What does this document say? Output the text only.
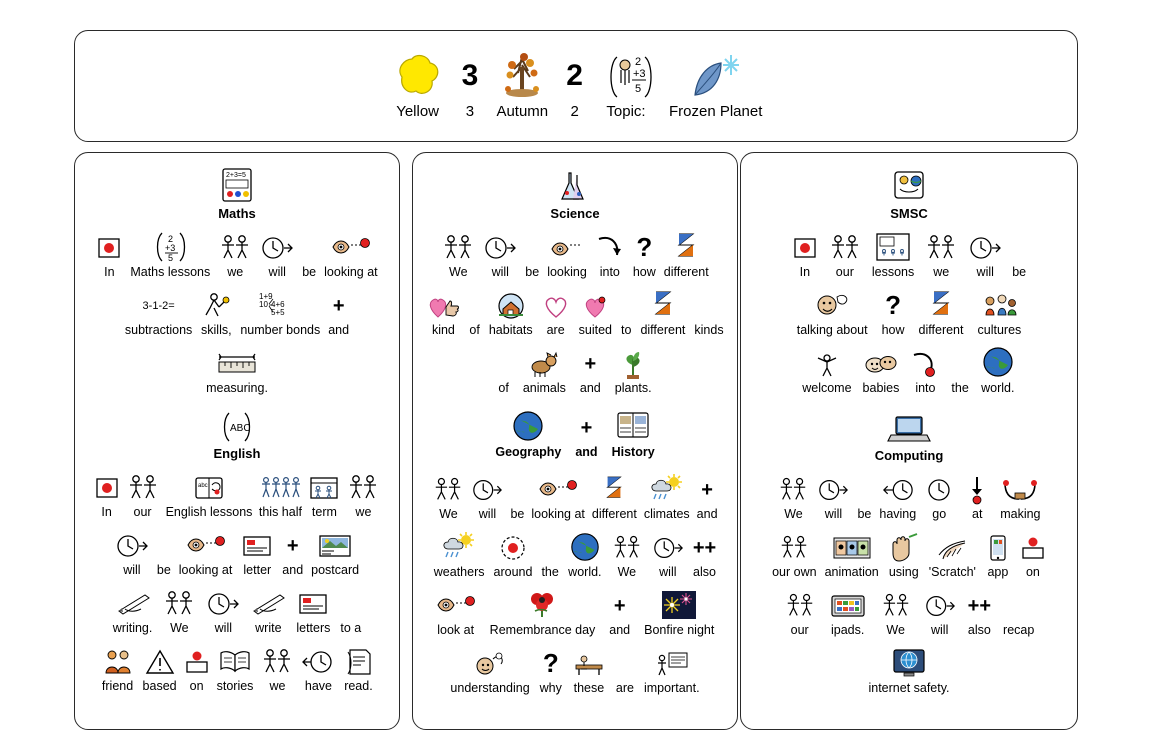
Yellow
3
3 Autumn
2
2
2
+3
5
Topic: Frozen Planet
2+3=5
Maths
In
2
+3
5
Maths lessons we will be looking at
3-1-2=
subtractions skills,
1+9
10 4+6
5+5
number bonds
+
and
measuring.
ABC
English
In our
abc
English lessons this half term we
will be looking at letter
+
and postcard
writing. We will write letters to a
friend based on stories we have read.
Science
We will be looking into
?
how different
kind of habitats are suited to different kinds
of animals
+
and plants.
Geography
+
and History
We will be looking at different climates
+
and
weathers around the world. We will
++
also
look at Remembrance day
+
and Bonfire night
understanding
?
why these are important.
SMSC
In our lessons we will be
talking about
?
how different cultures
welcome babies into the world.
Computing
We will be having go at making
our own animation using 'Scratch' app on
our ipads. We will
++
also recap
internet safety.
